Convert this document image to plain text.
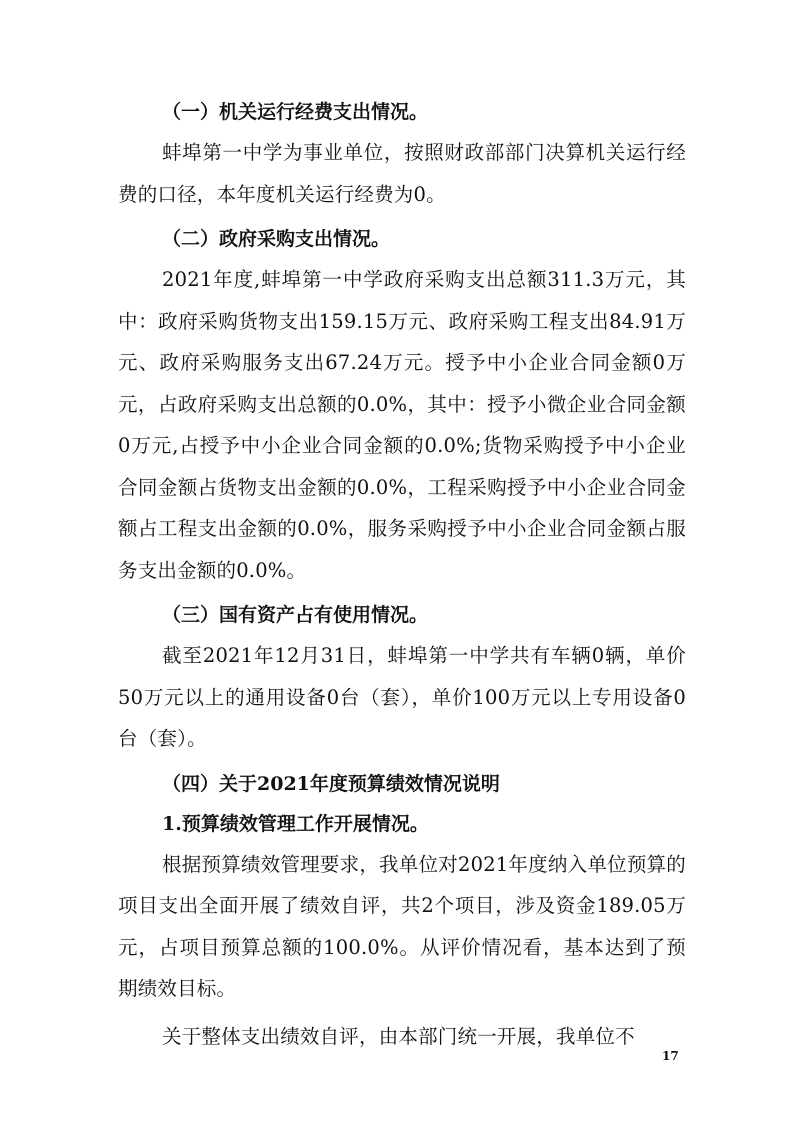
（一）机关运行经费支出情况。

蚌埠第一中学为事业单位，按照财政部部门决算机关运行经费的口径，本年度机关运行经费为0。

（二）政府采购支出情况。

2021年度,蚌埠第一中学政府采购支出总额311.3万元，其中：政府采购货物支出159.15万元、政府采购工程支出84.91万元、政府采购服务支出67.24万元。授予中小企业合同金额0万元，占政府采购支出总额的0.0%，其中：授予小微企业合同金额0万元,占授予中小企业合同金额的0.0%;货物采购授予中小企业合同金额占货物支出金额的0.0%，工程采购授予中小企业合同金额占工程支出金额的0.0%，服务采购授予中小企业合同金额占服务支出金额的0.0%。

（三）国有资产占有使用情况。

截至2021年12月31日，蚌埠第一中学共有车辆0辆，单价50万元以上的通用设备0台（套），单价100万元以上专用设备0台（套）。

（四）关于2021年度预算绩效情况说明
1.预算绩效管理工作开展情况。

根据预算绩效管理要求，我单位对2021年度纳入单位预算的项目支出全面开展了绩效自评，共2个项目，涉及资金189.05万元，占项目预算总额的100.0%。从评价情况看，基本达到了预期绩效目标。

关于整体支出绩效自评，由本部门统一开展，我单位不

17
